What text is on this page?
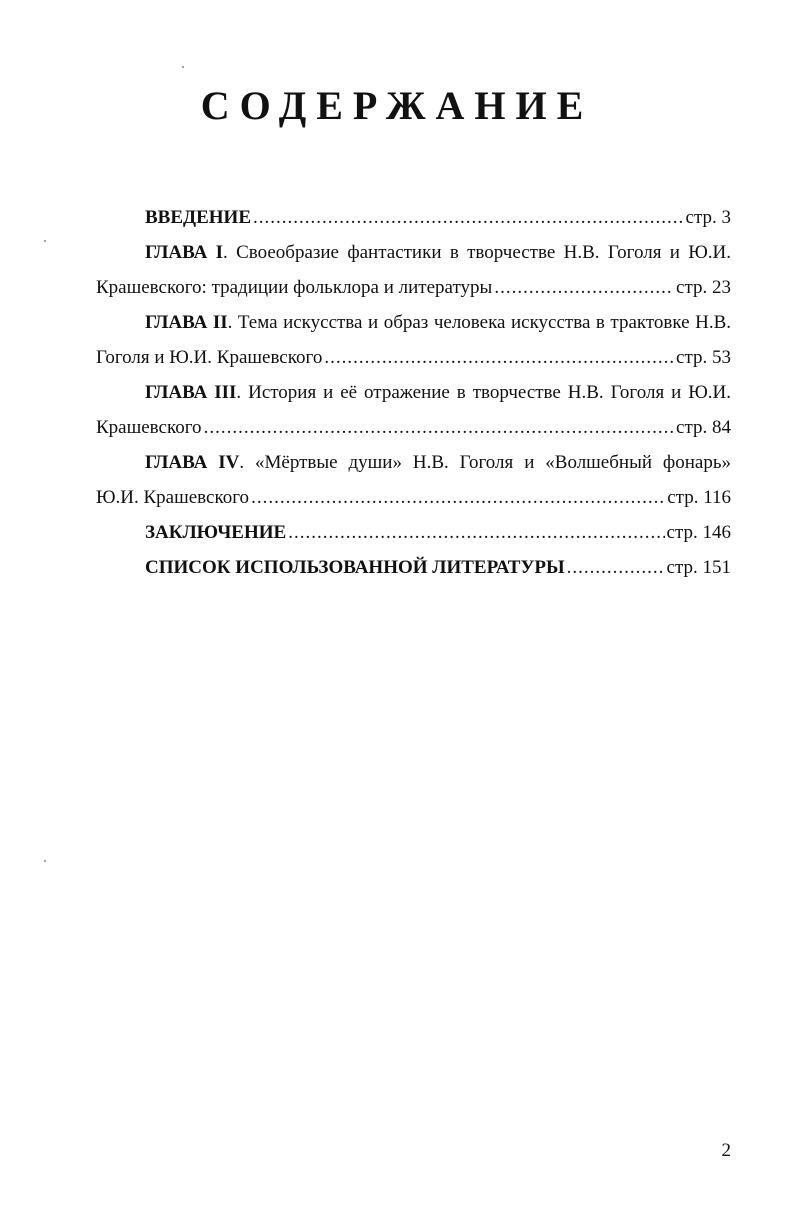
СОДЕРЖАНИЕ
ВВЕДЕНИЕ .....	стр. 3
ГЛАВА I. Своеобразие фантастики в творчестве Н.В. Гоголя и Ю.И.
Крашевского: традиции фольклора и литературы .....	стр. 23
ГЛАВА II. Тема искусства и образ человека искусства в трактовке Н.В.
Гоголя и Ю.И. Крашевского .....	стр. 53
ГЛАВА III. История и её отражение в творчестве Н.В. Гоголя и Ю.И.
Крашевского .....	стр. 84
ГЛАВА IV. «Мёртвые души» Н.В. Гоголя и «Волшебный фонарь»
Ю.И. Крашевского .....	стр. 116
ЗАКЛЮЧЕНИЕ .....	стр. 146
СПИСОК ИСПОЛЬЗОВАННОЙ ЛИТЕРАТУРЫ .....	стр. 151
2
